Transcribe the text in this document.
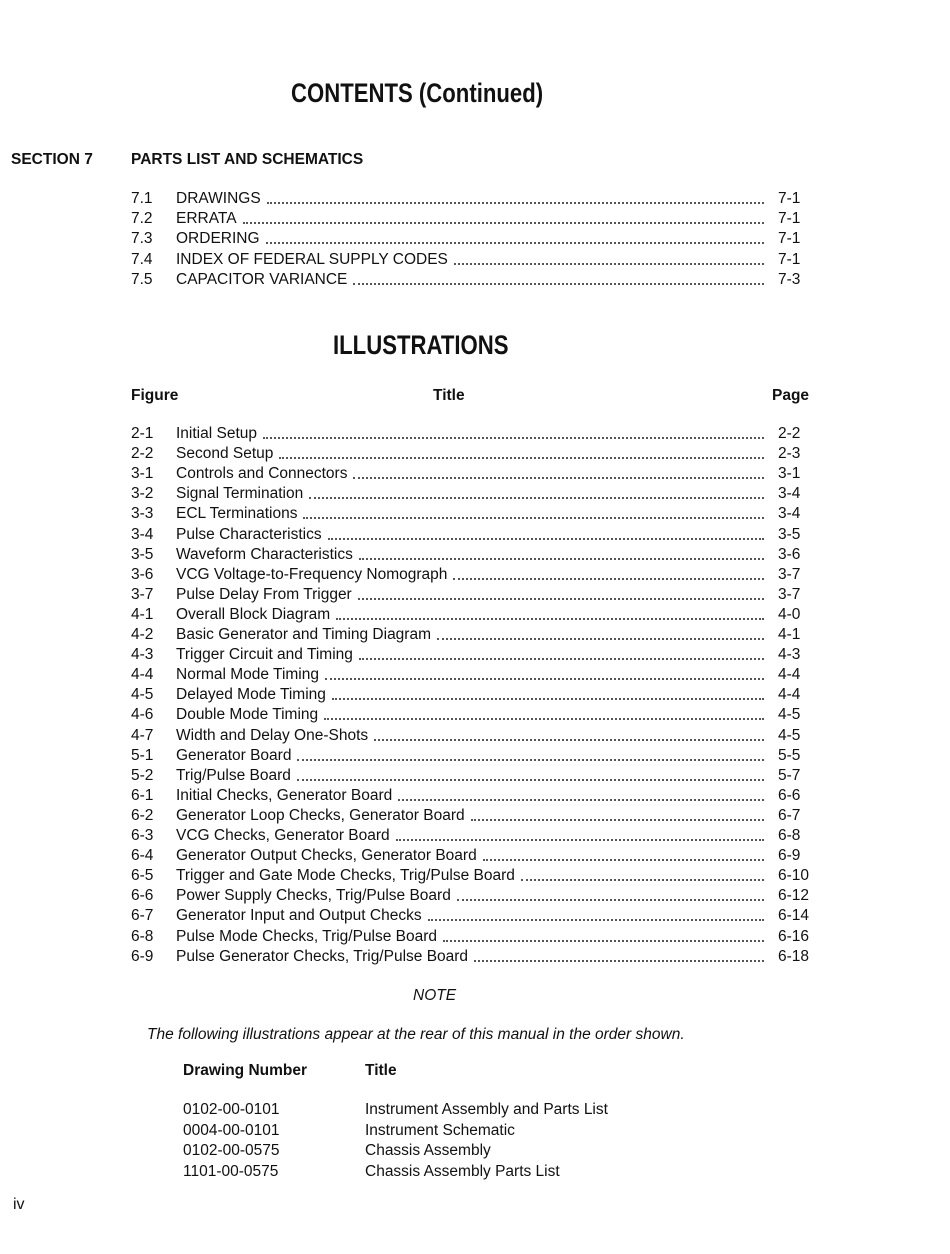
CONTENTS (Continued)
SECTION 7 PARTS LIST AND SCHEMATICS
7.1 DRAWINGS	7-1
7.2 ERRATA	7-1
7.3 ORDERING	7-1
7.4 INDEX OF FEDERAL SUPPLY CODES	7-1
7.5 CAPACITOR VARIANCE	7-3
ILLUSTRATIONS
Figure	Title	Page
2-1 Initial Setup	2-2
2-2 Second Setup	2-3
3-1 Controls and Connectors	3-1
3-2 Signal Termination	3-4
3-3 ECL Terminations	3-4
3-4 Pulse Characteristics	3-5
3-5 Waveform Characteristics	3-6
3-6 VCG Voltage-to-Frequency Nomograph	3-7
3-7 Pulse Delay From Trigger	3-7
4-1 Overall Block Diagram	4-0
4-2 Basic Generator and Timing Diagram	4-1
4-3 Trigger Circuit and Timing	4-3
4-4 Normal Mode Timing	4-4
4-5 Delayed Mode Timing	4-4
4-6 Double Mode Timing	4-5
4-7 Width and Delay One-Shots	4-5
5-1 Generator Board	5-5
5-2 Trig/Pulse Board	5-7
6-1 Initial Checks, Generator Board	6-6
6-2 Generator Loop Checks, Generator Board	6-7
6-3 VCG Checks, Generator Board	6-8
6-4 Generator Output Checks, Generator Board	6-9
6-5 Trigger and Gate Mode Checks, Trig/Pulse Board	6-10
6-6 Power Supply Checks, Trig/Pulse Board	6-12
6-7 Generator Input and Output Checks	6-14
6-8 Pulse Mode Checks, Trig/Pulse Board	6-16
6-9 Pulse Generator Checks, Trig/Pulse Board	6-18
NOTE
The following illustrations appear at the rear of this manual in the order shown.
Drawing Number	Title
0102-00-0101	Instrument Assembly and Parts List
0004-00-0101	Instrument Schematic
0102-00-0575	Chassis Assembly
1101-00-0575	Chassis Assembly Parts List
iv
